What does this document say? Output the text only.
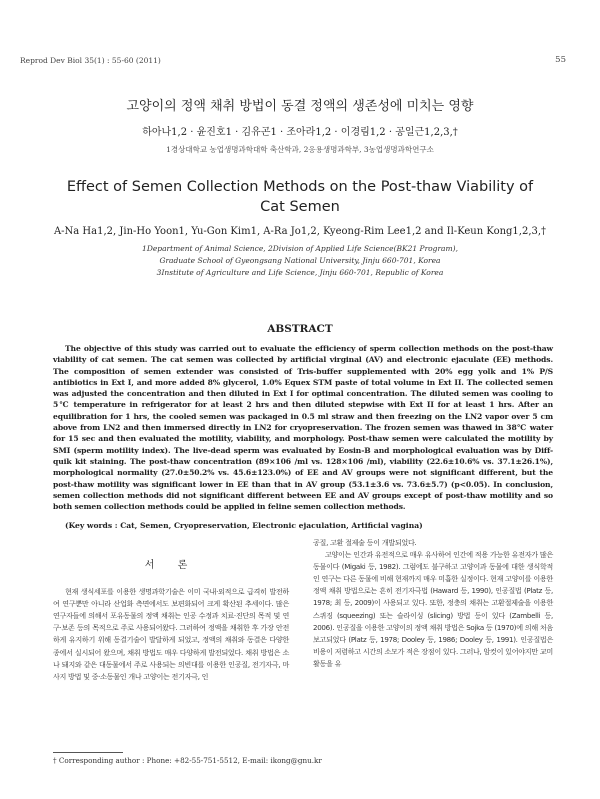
Reprod Dev Biol 35(1) : 55-60 (2011)	55
고양이의 정액 채취 방법이 동결 정액의 생존성에 미치는 영향
하아나1,2 · 윤진호1 · 김유곤1 · 조아라1,2 · 이경림1,2 · 공일근1,2,3,†
1경상대학교 농업생명과학대학 축산학과, 2응용생명과학부, 3농업생명과학연구소
Effect of Semen Collection Methods on the Post-thaw Viability of Cat Semen
A-Na Ha1,2, Jin-Ho Yoon1, Yu-Gon Kim1, A-Ra Jo1,2, Kyeong-Rim Lee1,2 and Il-Keun Kong1,2,3,†
1Department of Animal Science, 2Division of Applied Life Science(BK21 Program),
Graduate School of Gyeongsang National University, Jinju 660-701, Korea
3Institute of Agriculture and Life Science, Jinju 660-701, Republic of Korea
ABSTRACT
The objective of this study was carried out to evaluate the efficiency of sperm collection methods on the post-thaw viability of cat semen. The cat semen was collected by artificial virginal (AV) and electronic ejaculate (EE) methods. The composition of semen extender was consisted of Tris-buffer supplemented with 20% egg yolk and 1% P/S antibiotics in Ext I, and more added 8% glycerol, 1.0% Equex STM paste of total volume in Ext II. The collected semen was adjusted the concentration and then diluted in Ext I for optimal concentration. The diluted semen was cooling to 5℃ temperature in refrigerator for at least 2 hrs and then diluted stepwise with Ext II for at least 1 hrs. After an equilibration for 1 hrs, the cooled semen was packaged in 0.5 ml straw and then freezing on the LN2 vapor over 5 cm above from LN2 and then immersed directly in LN2 for cryopreservation. The frozen semen was thawed in 38℃ water for 15 sec and then evaluated the motility, viability, and morphology. Post-thaw semen were calculated the motility by SMI (sperm motility index). The live-dead sperm was evaluated by Eosin-B and morphological evaluation was by Diff-quik kit staining. The post-thaw concentration (89×106 /ml vs. 128×106 /ml), viability (22.6±10.6% vs. 37.1±26.1%), morphological normality (27.0±50.2% vs. 45.6±123.0%) of EE and AV groups were not significant different, but the post-thaw motility was significant lower in EE than that in AV group (53.1±3.6 vs. 73.6±5.7) (p<0.05). In conclusion, semen collection methods did not significant different between EE and AV groups except of post-thaw motility and so both semen collection methods could be applied in feline semen collection methods.
(Key words : Cat, Semen, Cryopreservation, Electronic ejaculation, Artificial vagina)
서 론

현재 생식세포를 이용한 생명과학기술은 이미 국내·외적으로 급격히 발전하여 연구뿐만 아니라 산업화 측면에서도 보편화되어 크게 확산된 추세이다. 많은 연구자들에 의해서 포유동물의 정액 채취는 인공 수정과 치료·진단의 목적 및 연구·보존 등의 목적으로 주로 사용되어왔다. 그러하여 정액을 채취한 후 가장 안전하게 유지하기 위해 동결기술이 발달하게 되었고, 정액의 채취와 동결은 다양한 종에서 실시되어 왔으며, 채취 방법도 매우 다양하게 발전되었다. 채취 방법은 소나 돼지와 같은 대동물에서 주로 사용되는 의빈대를 이용한 인공질, 전기자극, 마사지 방법 및 중·소동물인 개나 고양이는 전기자극, 인

공질, 고환 절제술 등이 개발되었다.

고양이는 인간과 유전적으로 매우 유사하여 인간에 적용 가능한 유전자가 많은 동물이다 (Migaki 등, 1982). 그럼에도 불구하고 고양이과 동물에 대한 생식학적인 연구는 다른 동물에 비해 현재까지 매우 미흡한 실정이다. 현재 고양이를 이용한 정액 채취 방법으로는 흔히 전기자극법 (Haward 등, 1990), 인공질법 (Platz 등, 1978; 최 등, 2009)이 사용되고 있다. 또한, 정충의 채취는 고환절제술을 이용한 스퀴징 (squeezing) 또는 슬라이싱 (slicing) 방법 등이 있다 (Zambelli 등, 2006). 인공질을 이용한 고양이의 정액 채취 방법은 Sojka 등 (1970)에 의해 처음 보고되었다 (Platz 등, 1978; Dooley 등, 1986; Dooley 등, 1991). 인공질법은 비용이 저렴하고 시간의 소모가 적은 장점이 있다. 그러나, 암컷이 있어야지만 교미 활동을 유

† Corresponding author : Phone: +82-55-751-5512, E-mail: ikong@gnu.kr
